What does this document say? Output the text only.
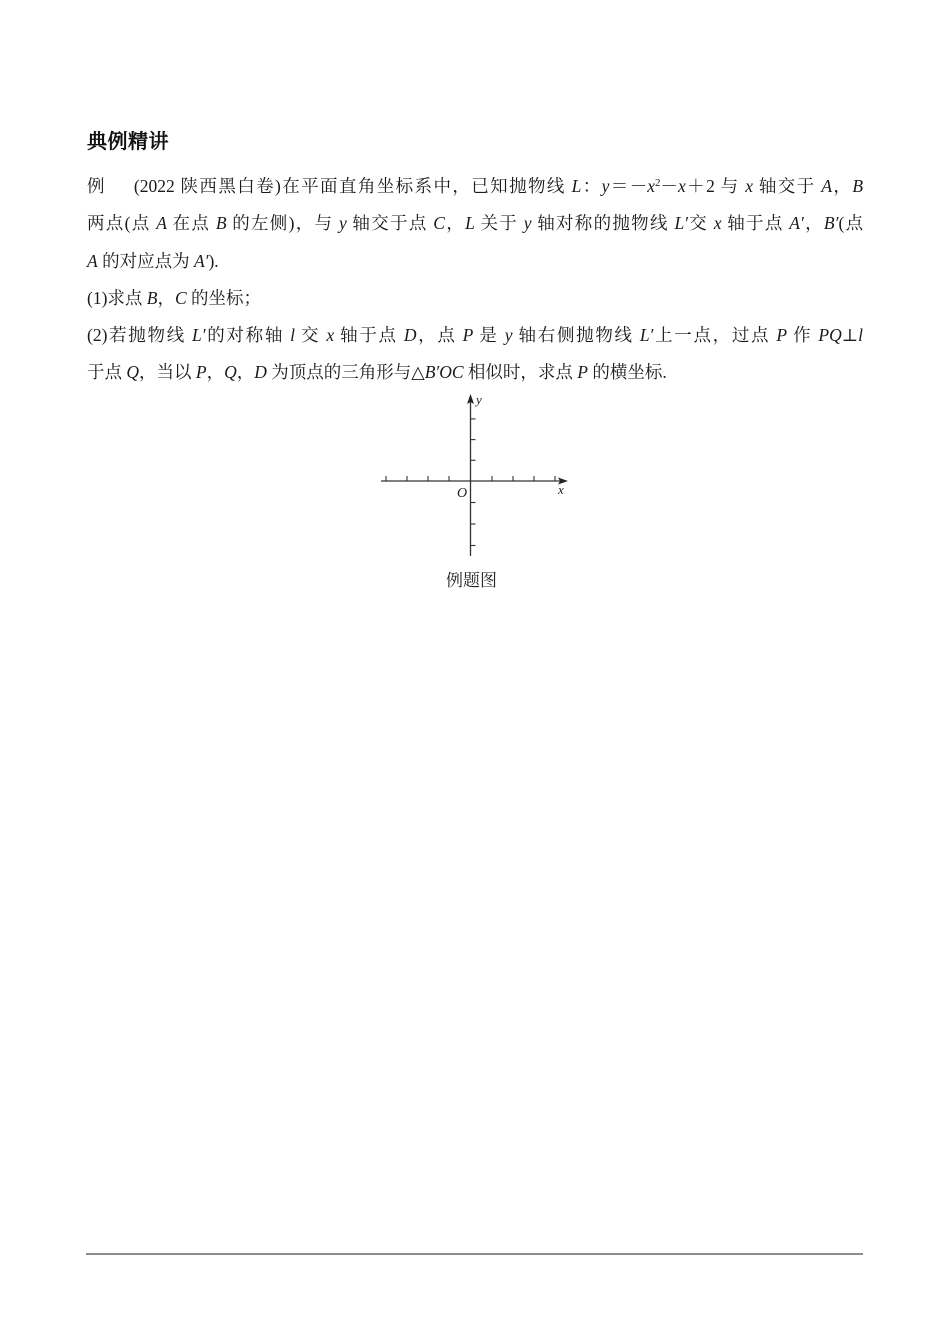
典例精讲
例 (2022 陕西黑白卷)在平面直角坐标系中，已知抛物线 L：$y=-x^2-x+2$ 与 x 轴交于 A，B
两点(点 A 在点 B 的左侧)，与 y 轴交于点 C，L 关于 y 轴对称的抛物线 L′交 x 轴于点 A′，B′(点
A 的对应点为 A′).
(1)求点 B，C 的坐标；
(2)若抛物线 L′的对称轴 l 交 x 轴于点 D，点 P 是 y 轴右侧抛物线 L′上一点，过点 P 作 PQ⊥l
于点 Q，当以 P，Q，D 为顶点的三角形与△B′OC 相似时，求点 P 的横坐标.
x
y
O
例题图
